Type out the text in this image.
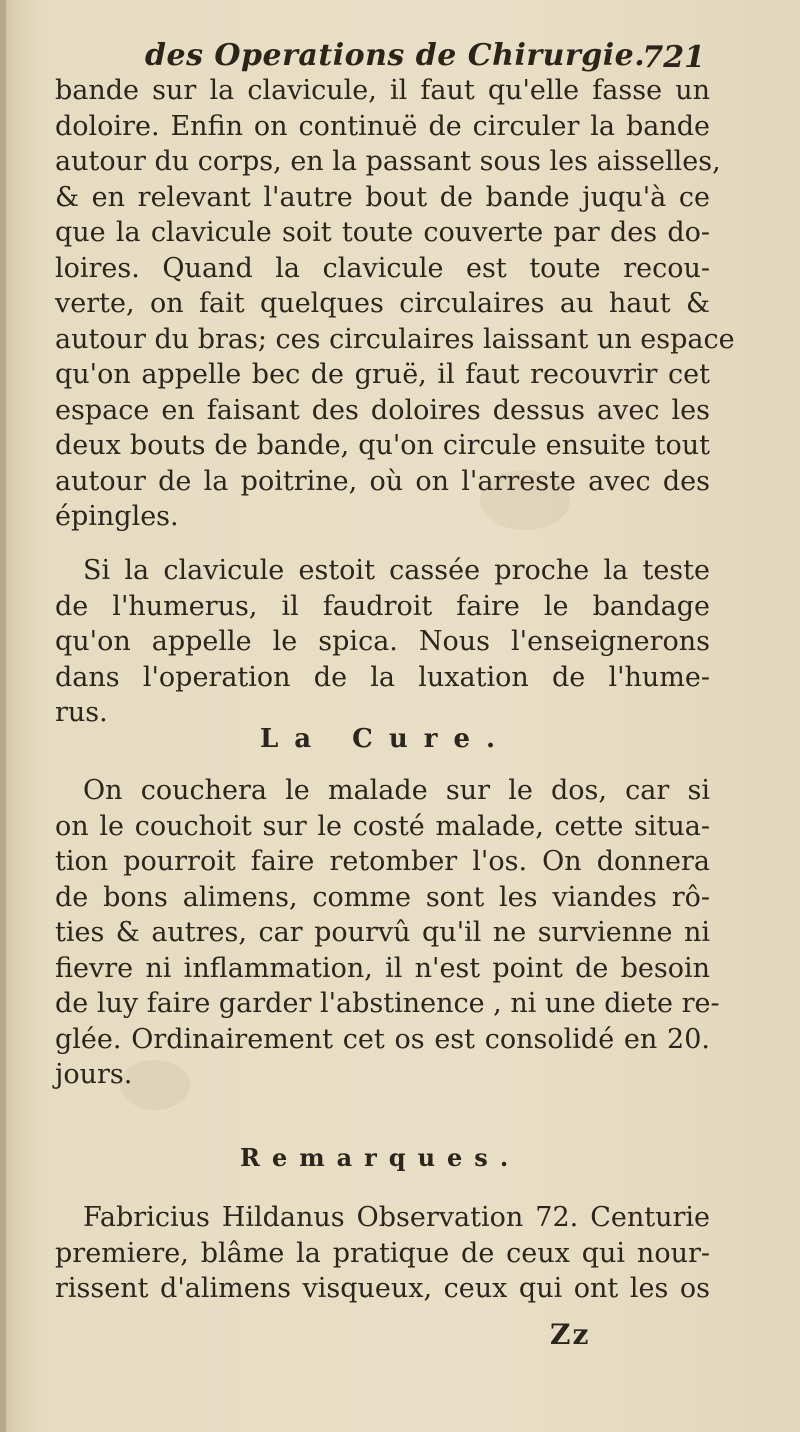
des Operations de Chirurgie.
721
bande sur la clavicule, il faut qu'elle fasse un
doloire. Enfin on continuë de circuler la bande
autour du corps, en la passant sous les aisselles,
& en relevant l'autre bout de bande juqu'à ce
que la clavicule soit toute couverte par des do-
loires. Quand la clavicule est toute recou-
verte, on fait quelques circulaires au haut &
autour du bras; ces circulaires laissant un espace
qu'on appelle bec de gruë, il faut recouvrir cet
espace en faisant des doloires dessus avec les
deux bouts de bande, qu'on circule ensuite tout
autour de la poitrine, où on l'arreste avec des
épingles.
Si la clavicule estoit cassée proche la teste
de l'humerus, il faudroit faire le bandage
qu'on appelle le spica. Nous l'enseignerons
dans l'operation de la luxation de l'hume-
rus.
La Cure.
On couchera le malade sur le dos, car si
on le couchoit sur le costé malade, cette situa-
tion pourroit faire retomber l'os. On donnera
de bons alimens, comme sont les viandes rô-
ties & autres, car pourvû qu'il ne survienne ni
fievre ni inflammation, il n'est point de besoin
de luy faire garder l'abstinence , ni une diete re-
glée. Ordinairement cet os est consolidé en 20.
jours.
Remarques.
Fabricius Hildanus Observation 72. Centurie
premiere, blâme la pratique de ceux qui nour-
rissent d'alimens visqueux, ceux qui ont les os
Zz
